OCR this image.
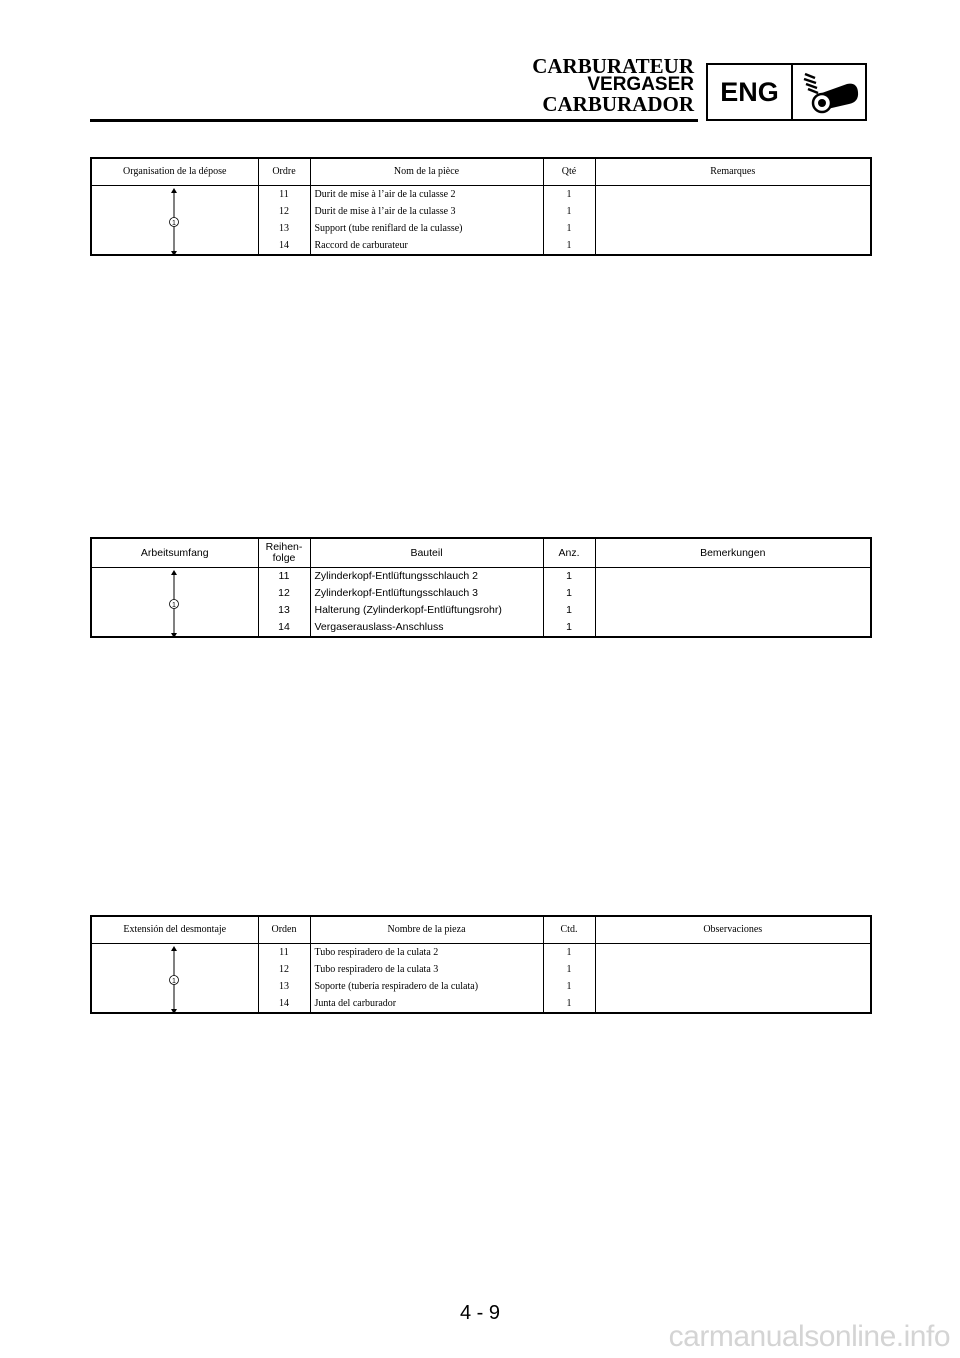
CARBURATEUR
VERGASER
CARBURADOR ENG
Organisation de la dépose	Ordre	Nom de la pièce	Qté	Remarques

1	11	Durit de mise à l’air de la culasse 2	1	
	12	Durit de mise à l’air de la culasse 3	1	
	13	Support (tube reniflard de la culasse)	1	
	14	Raccord de carburateur	1	
Arbeitsumfang	Reihen-
folge	Bauteil	Anz.	Bemerkungen

1	11	Zylinderkopf-Entlüftungsschlauch 2	1	
	12	Zylinderkopf-Entlüftungsschlauch 3	1	
	13	Halterung (Zylinderkopf-Entlüftungsrohr)	1	
	14	Vergaserauslass-Anschluss	1	
Extensión del desmontaje	Orden	Nombre de la pieza	Ctd.	Observaciones

1	11	Tubo respiradero de la culata 2	1	
	12	Tubo respiradero de la culata 3	1	
	13	Soporte (tubería respiradero de la culata)	1	
	14	Junta del carburador	1	
4 - 9
carmanualsonline.info
